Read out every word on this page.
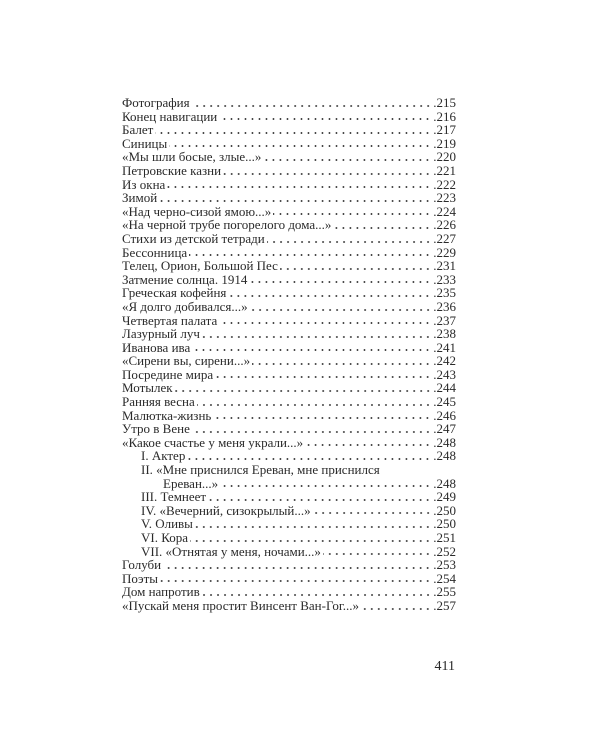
Фотография	.215
Конец навигации	.216
Балет	.217
Синицы	.219
«Мы шли босые, злые...»	.220
Петровские казни	.221
Из окна	.222
Зимой	.223
«Над черно-сизой ямою...»	.224
«На черной трубе погорелого дома...»	.226
Стихи из детской тетради	.227
Бессонница	.229
Телец, Орион, Большой Пес	.231
Затмение солнца. 1914	.233
Греческая кофейня	.235
«Я долго добивался...»	.236
Четвертая палата	.237
Лазурный луч	.238
Иванова ива	.241
«Сирени вы, сирени...»	.242
Посредине мира	.243
Мотылек	.244
Ранняя весна	.245
Малютка-жизнь	.246
Утро в Вене	.247
«Какое счастье у меня украли...»	.248
I. Актер	.248
II. «Мне приснился Ереван, мне приснился
Ереван...»	.248
III. Темнеет	.249
IV. «Вечерний, сизокрылый...»	.250
V. Оливы	.250
VI. Кора	.251
VII. «Отнятая у меня, ночами...»	.252
Голуби	.253
Поэты	.254
Дом напротив	.255
«Пускай меня простит Винсент Ван-Гог...»	.257
411
